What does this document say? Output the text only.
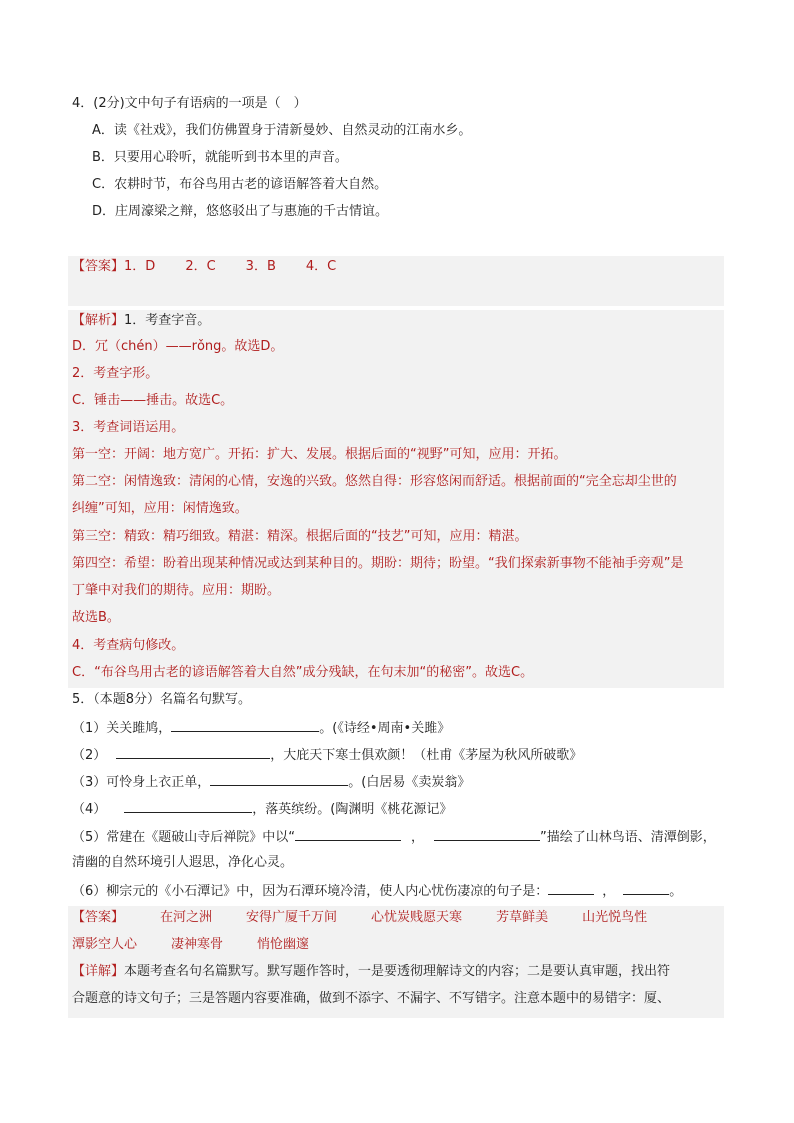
4．(2分)文中句子有语病的一项是（　）
A．读《社戏》，我们仿佛置身于清新曼妙、自然灵动的江南水乡。
B．只要用心聆听，就能听到书本里的声音。
C．农耕时节，布谷鸟用古老的谚语解答着大自然。
D．庄周濠梁之辩，悠悠驳出了与惠施的千古情谊。
【答案】1．D 2．C 3．B 4．C
【解析】1．考查字音。
D．冗（chén）——rǒng。故选D。
2．考查字形。
C．锤击——捶击。故选C。
3．考查词语运用。
第一空：开阔：地方宽广。开拓：扩大、发展。根据后面的“视野”可知，应用：开拓。
第二空：闲情逸致：清闲的心情，安逸的兴致。悠然自得：形容悠闲而舒适。根据前面的“完全忘却尘世的
纠缠”可知，应用：闲情逸致。
第三空：精致：精巧细致。精湛：精深。根据后面的“技艺”可知，应用：精湛。
第四空：希望：盼着出现某种情况或达到某种目的。期盼：期待；盼望。“我们探索新事物不能袖手旁观”是
丁肇中对我们的期待。应用：期盼。
故选B。
4．考查病句修改。
C．“布谷鸟用古老的谚语解答着大自然”成分残缺，在句末加“的秘密”。故选C。
5．（本题8分）名篇名句默写。
（1）关关雎鸠，	。(《诗经•周南•关雎》
（2）	，大庇天下寒士俱欢颜！（杜甫《茅屋为秋风所破歌》
（3）可怜身上衣正单，	。(白居易《卖炭翁》
（4）	，落英缤纷。(陶渊明《桃花源记》
（5）常建在《题破山寺后禅院》中以“	，	”描绘了山林鸟语、清潭倒影，
清幽的自然环境引人遐思，净化心灵。
（6）柳宗元的《小石潭记》中，因为石潭环境冷清，使人内心忧伤凄凉的句子是：	，	。
【答案】	在河之洲	安得广厦千万间	心忧炭贱愿天寒	芳草鲜美	山光悦鸟性
潭影空人心	凄神寒骨	悄怆幽邃
【详解】本题考查名句名篇默写。默写题作答时，一是要透彻理解诗文的内容；二是要认真审题，找出符
合题意的诗文句子；三是答题内容要准确，做到不添字、不漏字、不写错字。注意本题中的易错字：厦、
